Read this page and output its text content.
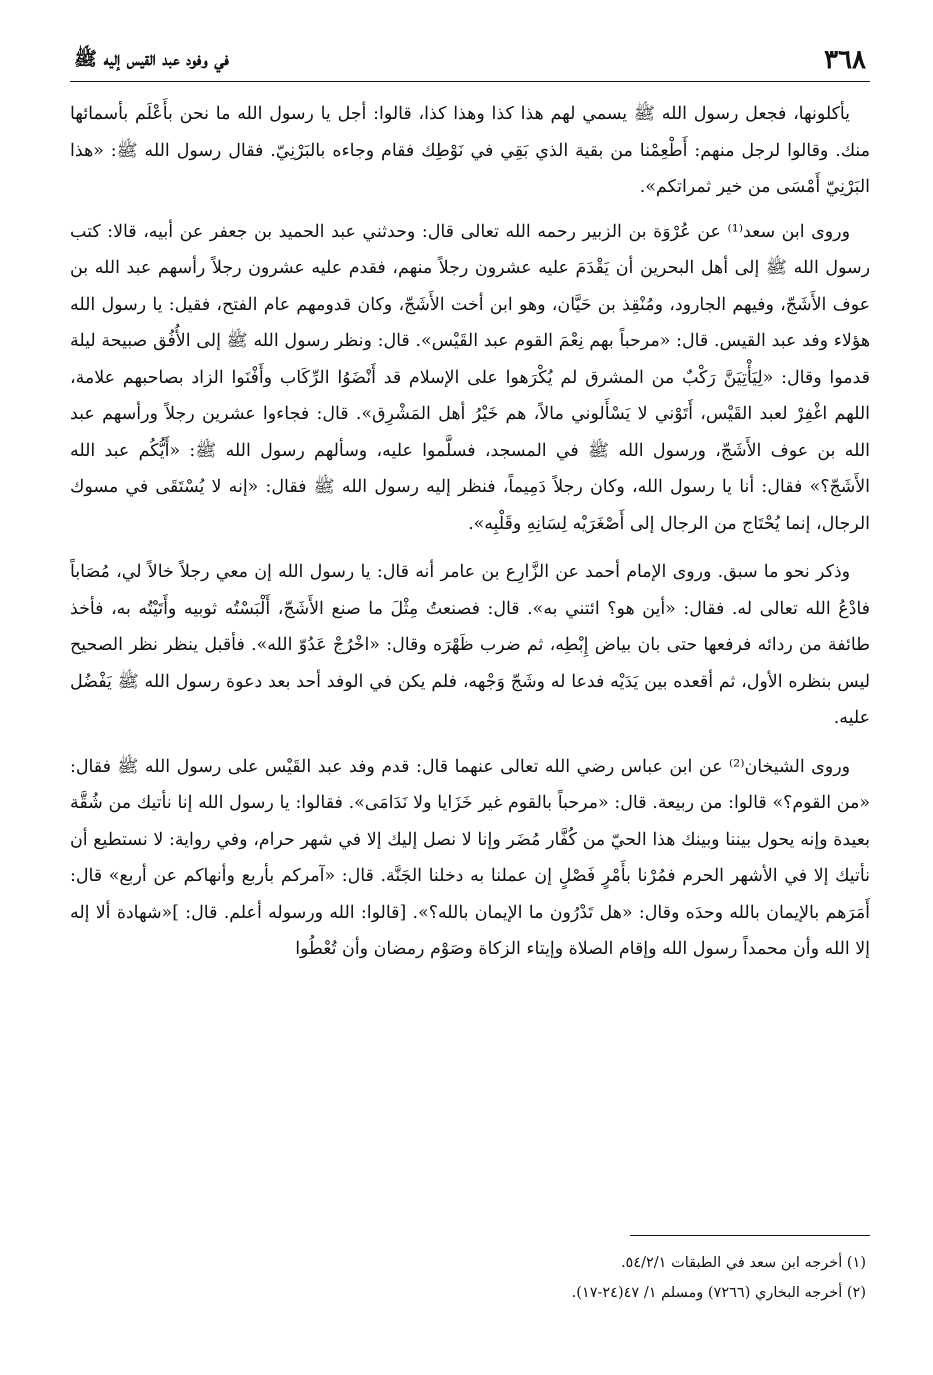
٣٦٨
في وفود عبد القيس إليه ﷺ

يأكلونها، فجعل رسول الله ﷺ يسمي لهم هذا كذا وهذا كذا، قالوا: أجل يا رسول الله ما نحن بأَعْلَم بأسمائها منك. وقالوا لرجل منهم: أَطْعِمْنا من بقية الذي بَقِي في نَوْطِك فقام وجاءه بالبَرْنِيّ. فقال رسول الله ﷺ: «هذا البَرْنِيّ أَمْسَى من خير ثمراتكم».

وروى ابن سعد⁽¹⁾ عن عُرْوَة بن الزبير رحمه الله تعالى قال: وحدثني عبد الحميد بن جعفر عن أبيه، قالا: كتب رسول الله ﷺ إلى أهل البحرين أن يَقْدَمَ عليه عشرون رجلاً منهم، فقدم عليه عشرون رجلاً رأسهم عبد الله بن عوف الأَشَجّ، وفيهم الجارود، ومُنْقِذ بن حَيَّان، وهو ابن أخت الأَشَجّ، وكان قدومهم عام الفتح، فقيل: يا رسول الله هؤلاء وفد عبد القيس. قال: «مرحباً بهم نِعْمَ القوم عبد القَيْس». قال: ونظر رسول الله ﷺ إلى الأُفُق صبيحة ليلة قدموا وقال: «لِيَأْتِيَنَّ رَكْبٌ من المشرق لم يُكْرَهوا على الإسلام قد أَنْضَوُا الرِّكَاب وأَفْنَوا الزاد بصاحبهم علامة، اللهم اغْفِرْ لعبد القَيْس، أَتَوْني لا يَسْأَلوني مالاً، هم خَيْرُ أهل المَشْرِق». قال: فجاءوا عشرين رجلاً ورأسهم عبد الله بن عوف الأَشَجّ، ورسول الله ﷺ في المسجد، فسلَّموا عليه، وسألهم رسول الله ﷺ: «أَيُّكُم عبد الله الأَشَجّ؟» فقال: أنا يا رسول الله، وكان رجلاً دَمِيماً، فنظر إليه رسول الله ﷺ فقال: «إنه لا يُسْتَقَى في مسوك الرجال، إنما يُحْتَاج من الرجال إلى أَصْغَرَيْه لِسَانِهِ وقَلْبِه».

وذكر نحو ما سبق. وروى الإمام أحمد عن الزَّارِع بن عامر أنه قال: يا رسول الله إن معي رجلاً خالاً لي، مُصَاباً فادْعُ الله تعالى له. فقال: «أين هو؟ ائتني به». قال: فصنعتُ مِثْلَ ما صنع الأَشَجّ، أَلْبَسْتُه ثوبيه وأَتَيْتُه به، فأخذ طائفة من ردائه فرفعها حتى بان بياض إِبْطِه، ثم ضرب ظَهْرَه وقال: «اخْرُجْ عَدُوّ الله». فأقبل ينظر نظر الصحيح ليس بنظره الأول، ثم أقعده بين يَدَيْه فدعا له وشَجّ وَجْهه، فلم يكن في الوفد أحد بعد دعوة رسول الله ﷺ يَفْضُل عليه.

وروى الشيخان⁽²⁾ عن ابن عباس رضي الله تعالى عنهما قال: قدم وفد عبد القَيْس على رسول الله ﷺ فقال: «من القوم؟» قالوا: من ربيعة. قال: «مرحباً بالقوم غير خَزَايا ولا نَدَامَى». فقالوا: يا رسول الله إنا نأتيك من شُقَّة بعيدة وإنه يحول بيننا وبينك هذا الحيّ من كُفَّار مُضَر وإنا لا نصل إليك إلا في شهر حرام، وفي رواية: لا نستطيع أن نأتيك إلا في الأشهر الحرم فمُرْنا بأَمْرٍ فَصْلٍ إن عملنا به دخلنا الجَنَّة. قال: «آمركم بأربع وأنهاكم عن أربع» قال: أَمَرَهم بالإيمان بالله وحدَه وقال: «هل تَدْرُون ما الإيمان بالله؟». [قالوا: الله ورسوله أعلم. قال: ]«شهادة ألا إله إلا الله وأن محمداً رسول الله وإقام الصلاة وإيتاء الزكاة وصَوْم رمضان وأن تُعْطُوا

(١) أخرجه ابن سعد في الطبقات ٥٤/٢/١.
(٢) أخرجه البخاري (٧٢٦٦) ومسلم ١/ ٤٧(٢٤-١٧).
